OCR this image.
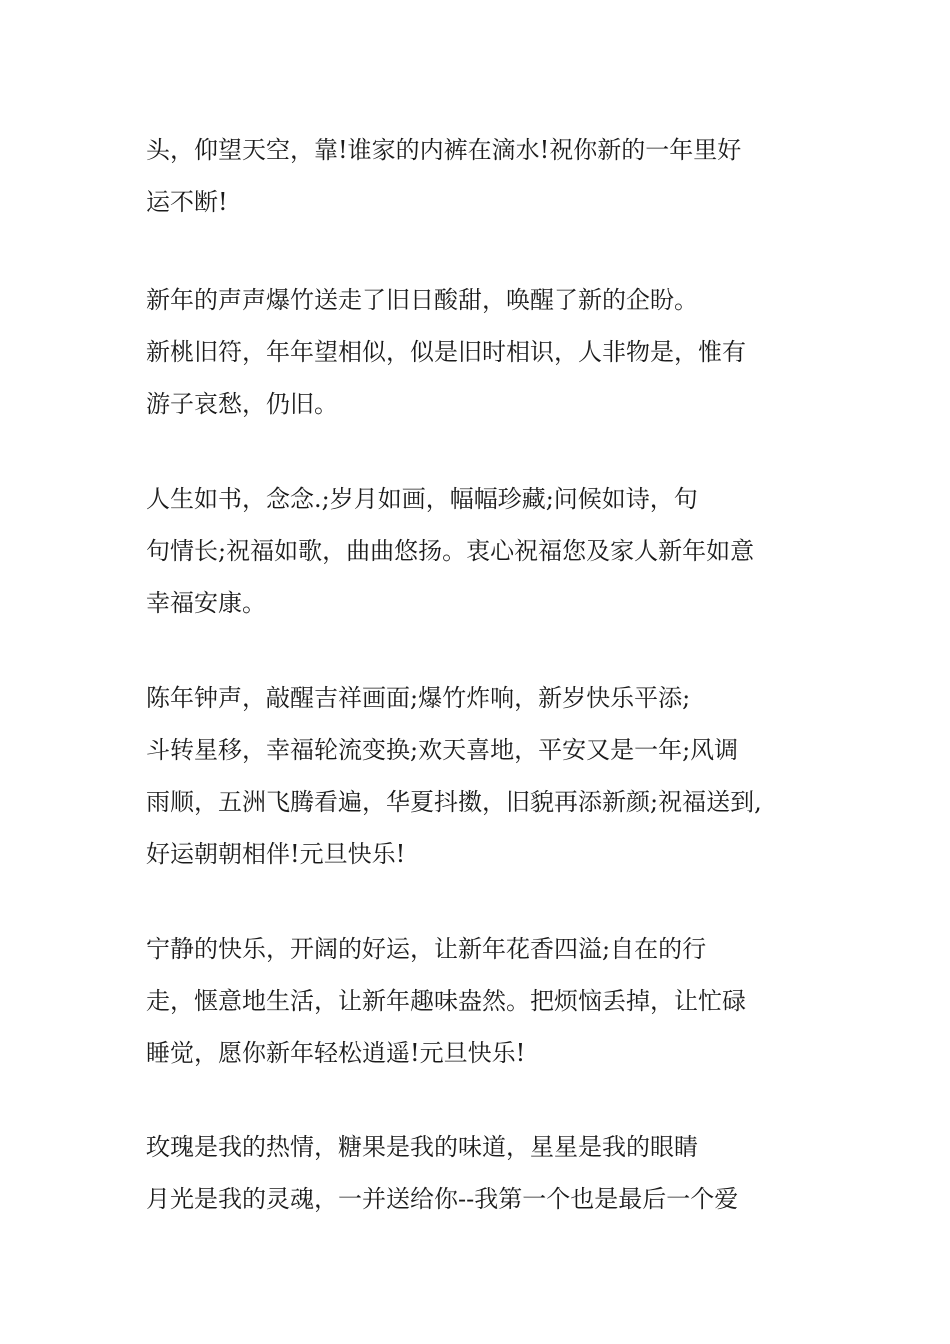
头，仰望天空，靠!谁家的内裤在滴水!祝你新的一年里好
运不断!

新年的声声爆竹送走了旧日酸甜，唤醒了新的企盼。
新桃旧符，年年望相似，似是旧时相识，人非物是，惟有
游子哀愁，仍旧。

人生如书，念念.;岁月如画，幅幅珍藏;问候如诗，句
句情长;祝福如歌，曲曲悠扬。衷心祝福您及家人新年如意
幸福安康。

陈年钟声，敲醒吉祥画面;爆竹炸响，新岁快乐平添;
斗转星移，幸福轮流变换;欢天喜地，平安又是一年;风调
雨顺，五洲飞腾看遍，华夏抖擞，旧貌再添新颜;祝福送到,
好运朝朝相伴!元旦快乐!

宁静的快乐，开阔的好运，让新年花香四溢;自在的行
走，惬意地生活，让新年趣味盎然。把烦恼丢掉，让忙碌
睡觉，愿你新年轻松逍遥!元旦快乐!

玫瑰是我的热情，糖果是我的味道，星星是我的眼睛
月光是我的灵魂，一并送给你--我第一个也是最后一个爱
